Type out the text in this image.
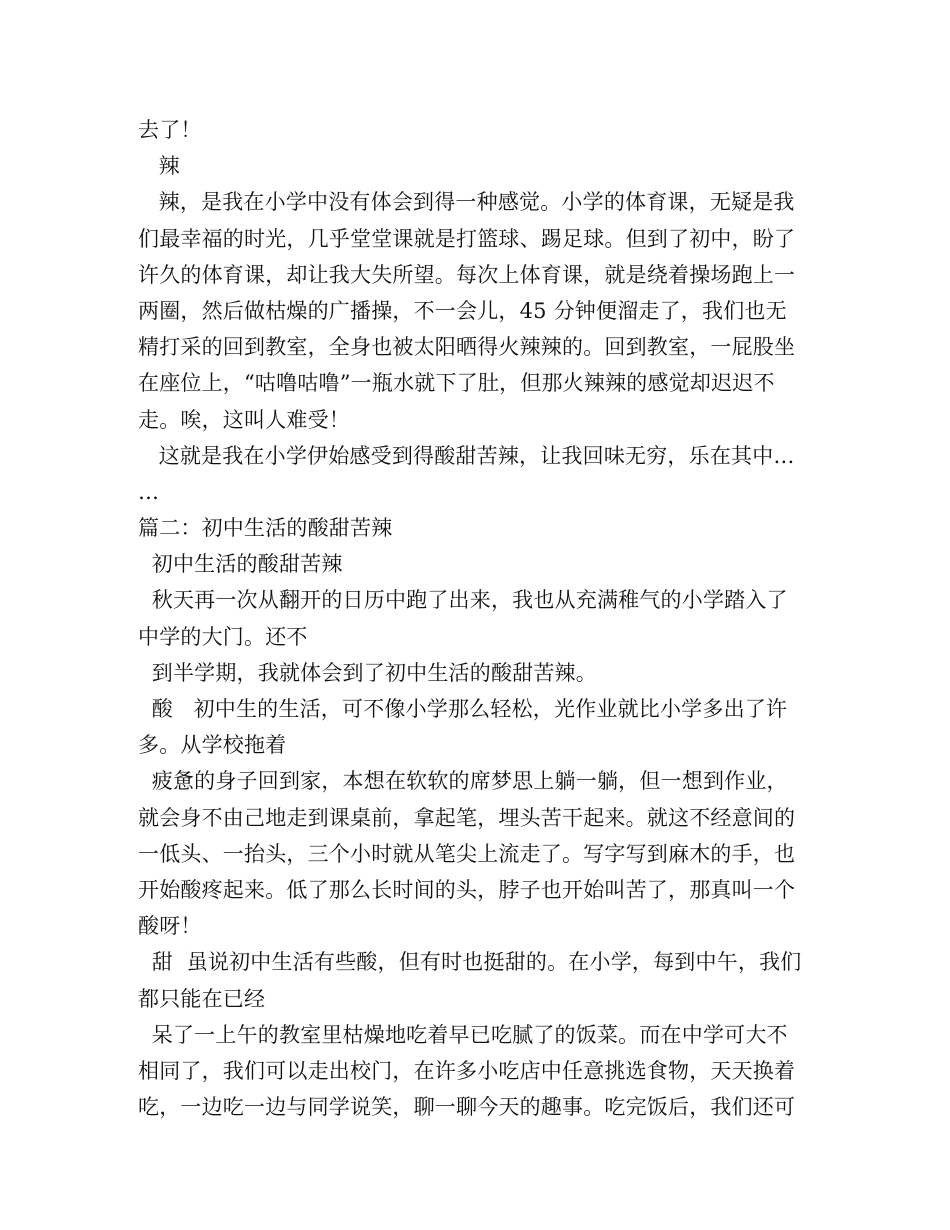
去了！
辣
辣，是我在小学中没有体会到得一种感觉。小学的体育课，无疑是我
们最幸福的时光，几乎堂堂课就是打篮球、踢足球。但到了初中，盼了
许久的体育课，却让我大失所望。每次上体育课，就是绕着操场跑上一
两圈，然后做枯燥的广播操，不一会儿，45 分钟便溜走了，我们也无
精打采的回到教室，全身也被太阳晒得火辣辣的。回到教室，一屁股坐
在座位上，“咕噜咕噜”一瓶水就下了肚，但那火辣辣的感觉却迟迟不
走。唉，这叫人难受！
这就是我在小学伊始感受到得酸甜苦辣，让我回味无穷，乐在其中…
…
篇二：初中生活的酸甜苦辣
初中生活的酸甜苦辣
秋天再一次从翻开的日历中跑了出来，我也从充满稚气的小学踏入了
中学的大门。还不
到半学期，我就体会到了初中生活的酸甜苦辣。
酸   初中生的生活，可不像小学那么轻松，光作业就比小学多出了许
多。从学校拖着
疲惫的身子回到家，本想在软软的席梦思上躺一躺，但一想到作业，
就会身不由己地走到课桌前，拿起笔，埋头苦干起来。就这不经意间的
一低头、一抬头，三个小时就从笔尖上流走了。写字写到麻木的手，也
开始酸疼起来。低了那么长时间的头，脖子也开始叫苦了，那真叫一个
酸呀！
甜  虽说初中生活有些酸，但有时也挺甜的。在小学，每到中午，我们
都只能在已经
呆了一上午的教室里枯燥地吃着早已吃腻了的饭菜。而在中学可大不
相同了，我们可以走出校门，在许多小吃店中任意挑选食物，天天换着
吃，一边吃一边与同学说笑，聊一聊今天的趣事。吃完饭后，我们还可
